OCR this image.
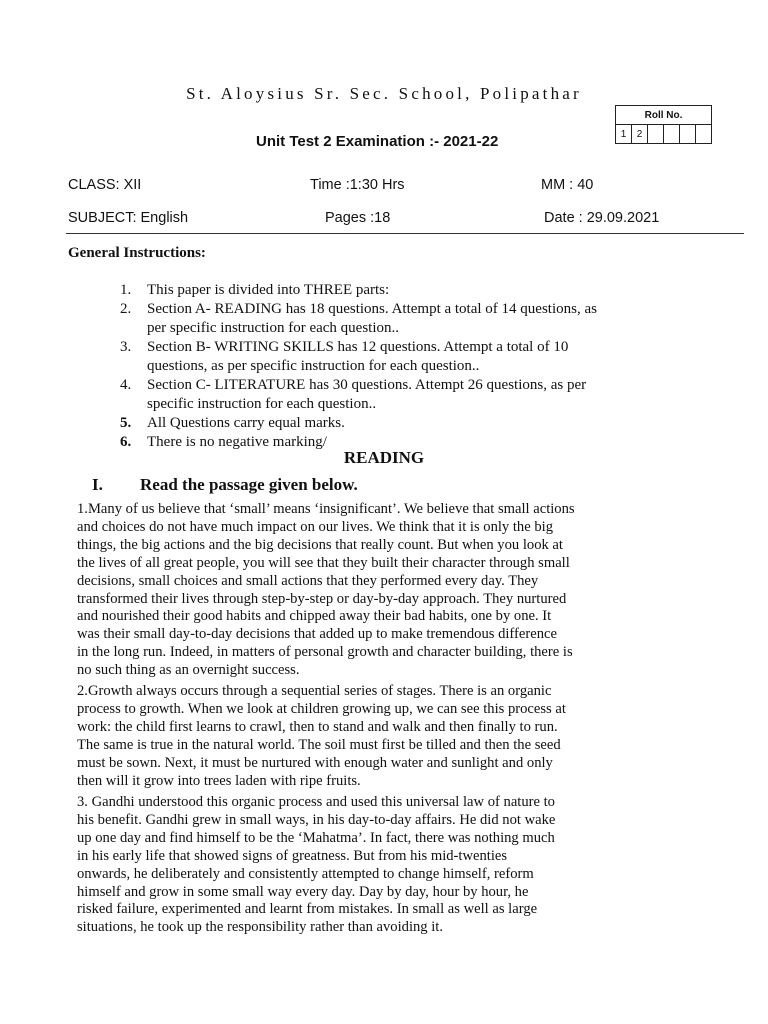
St. Aloysius Sr. Sec. School, Polipathar
Unit Test 2 Examination :- 2021-22
Roll No.
1	2				
CLASS: XII	Time :1:30 Hrs	MM : 40
SUBJECT: English	Pages :18	Date : 29.09.2021
General Instructions:
1. This paper is divided into THREE parts:
2. Section A- READING has 18 questions. Attempt a total of 14 questions, as
per specific instruction for each question..
3. Section B- WRITING SKILLS has 12 questions. Attempt a total of 10
questions, as per specific instruction for each question..
4. Section C- LITERATURE has 30 questions. Attempt 26 questions, as per
specific instruction for each question..
5. All Questions carry equal marks.
6. There is no negative marking/
READING
I. Read the passage given below.
1.Many of us believe that ‘small’ means ‘insignificant’. We believe that small actions
and choices do not have much impact on our lives. We think that it is only the big
things, the big actions and the big decisions that really count. But when you look at
the lives of all great people, you will see that they built their character through small
decisions, small choices and small actions that they performed every day. They
transformed their lives through step-by-step or day-by-day approach. They nurtured
and nourished their good habits and chipped away their bad habits, one by one. It
was their small day-to-day decisions that added up to make tremendous difference
in the long run. Indeed, in matters of personal growth and character building, there is
no such thing as an overnight success.
2.Growth always occurs through a sequential series of stages. There is an organic
process to growth. When we look at children growing up, we can see this process at
work: the child first learns to crawl, then to stand and walk and then finally to run.
The same is true in the natural world. The soil must first be tilled and then the seed
must be sown. Next, it must be nurtured with enough water and sunlight and only
then will it grow into trees laden with ripe fruits.
3. Gandhi understood this organic process and used this universal law of nature to
his benefit. Gandhi grew in small ways, in his day-to-day affairs. He did not wake
up one day and find himself to be the ‘Mahatma’. In fact, there was nothing much
in his early life that showed signs of greatness. But from his mid-twenties
onwards, he deliberately and consistently attempted to change himself, reform
himself and grow in some small way every day. Day by day, hour by hour, he
risked failure, experimented and learnt from mistakes. In small as well as large
situations, he took up the responsibility rather than avoiding it.
